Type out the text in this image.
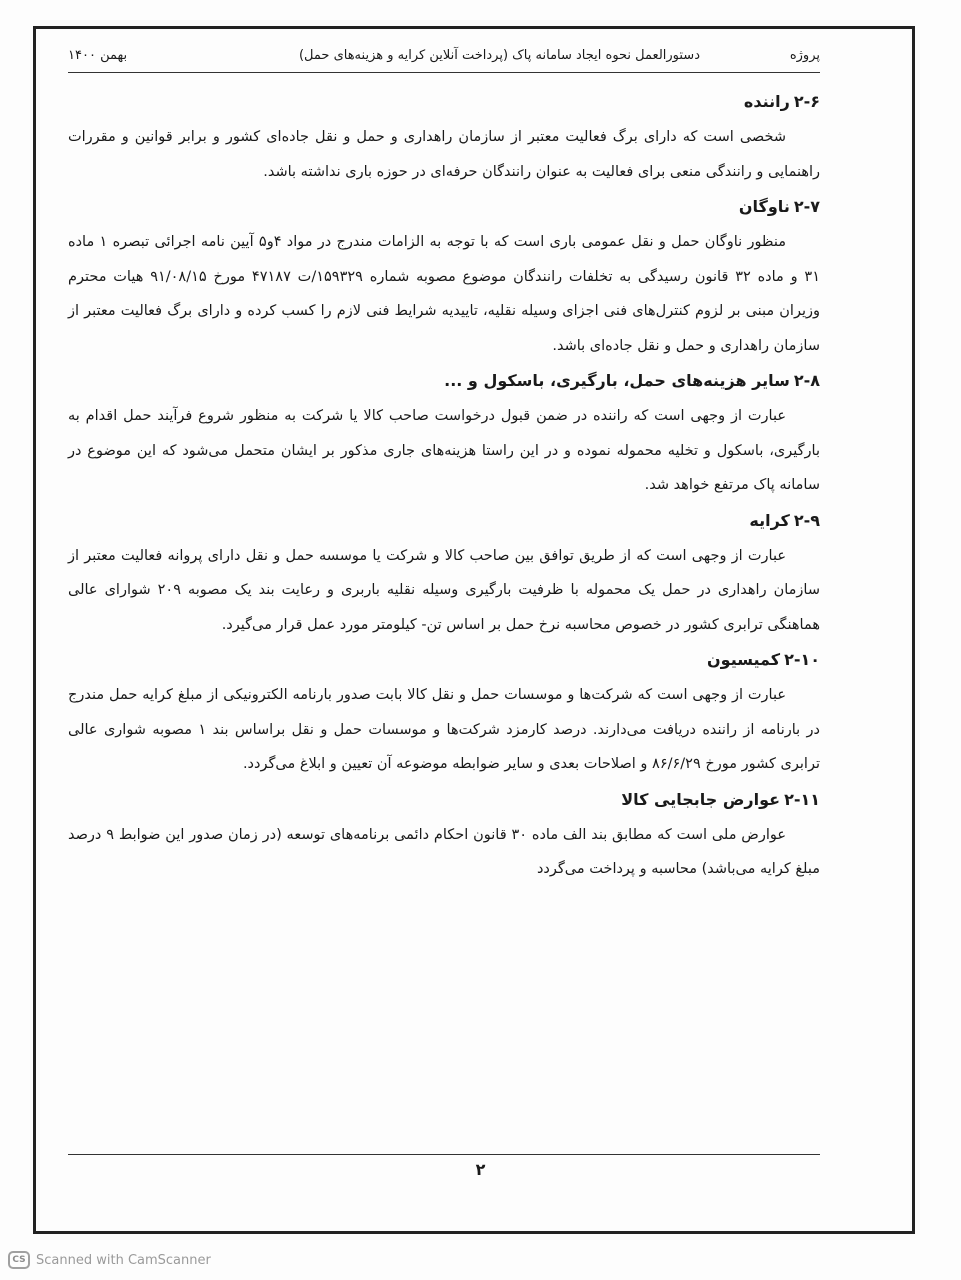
پروژه
دستورالعمل نحوه ایجاد سامانه پاک (پرداخت آنلاین کرایه و هزینه‌های حمل)
بهمن ۱۴۰۰

۲-۶راننده

شخصی است که دارای برگ فعالیت معتبر از سازمان راهداری و حمل و نقل جاده‌ای کشور و برابر قوانین و مقررات راهنمایی و رانندگی منعی برای فعالیت به عنوان رانندگان حرفه‌ای در حوزه باری نداشته باشد.

۲-۷ناوگان

منظور ناوگان حمل و نقل عمومی باری است که با توجه به الزامات مندرج در مواد ۴و۵ آیین نامه اجرائی تبصره ۱ ماده ۳۱ و ماده ۳۲ قانون رسیدگی به تخلفات رانندگان موضوع مصوبه شماره ۱۵۹۳۲۹/ت ۴۷۱۸۷ مورخ ۹۱/۰۸/۱۵ هیات محترم وزیران مبنی بر لزوم کنترل‌های فنی اجزای وسیله نقلیه، تاییدیه شرایط فنی لازم را کسب کرده و دارای برگ فعالیت معتبر از سازمان راهداری و حمل و نقل جاده‌ای باشد.

۲-۸سایر هزینه‌های حمل، بارگیری، باسکول و ...

عبارت از وجهی است که راننده در ضمن قبول درخواست صاحب کالا یا شرکت به منظور شروع فرآیند حمل اقدام به بارگیری، باسکول و تخلیه محموله نموده و در این راستا هزینه‌های جاری مذکور بر ایشان متحمل می‌شود که این موضوع در سامانه پاک مرتفع خواهد شد.

۲-۹کرایه

عبارت از وجهی است که از طریق توافق بین صاحب کالا و شرکت یا موسسه حمل و نقل دارای پروانه فعالیت معتبر از سازمان راهداری در حمل یک محموله با ظرفیت بارگیری وسیله نقلیه باربری و رعایت بند یک مصوبه ۲۰۹ شوارای عالی هماهنگی ترابری کشور در خصوص محاسبه نرخ حمل بر اساس تن- کیلومتر مورد عمل قرار می‌گیرد.

۲-۱۰کمیسیون

عبارت از وجهی است که شرکت‌ها و موسسات حمل و نقل کالا بابت صدور بارنامه الکترونیکی از مبلغ کرایه حمل مندرج در بارنامه از راننده دریافت می‌دارند. درصد کارمزد شرکت‌ها و موسسات حمل و نقل براساس بند ۱ مصوبه شواری عالی ترابری کشور مورخ ۸۶/۶/۲۹ و اصلاحات بعدی و سایر ضوابطه موضوعه آن تعیین و ابلاغ می‌گردد.

۲-۱۱عوارض جابجایی کالا

عوارض ملی است که مطابق بند الف ماده ۳۰ قانون احکام دائمی برنامه‌های توسعه (در زمان صدور این ضوابط ۹ درصد مبلغ کرایه می‌باشد) محاسبه و پرداخت می‌گردد

۲
CS Scanned with CamScanner
